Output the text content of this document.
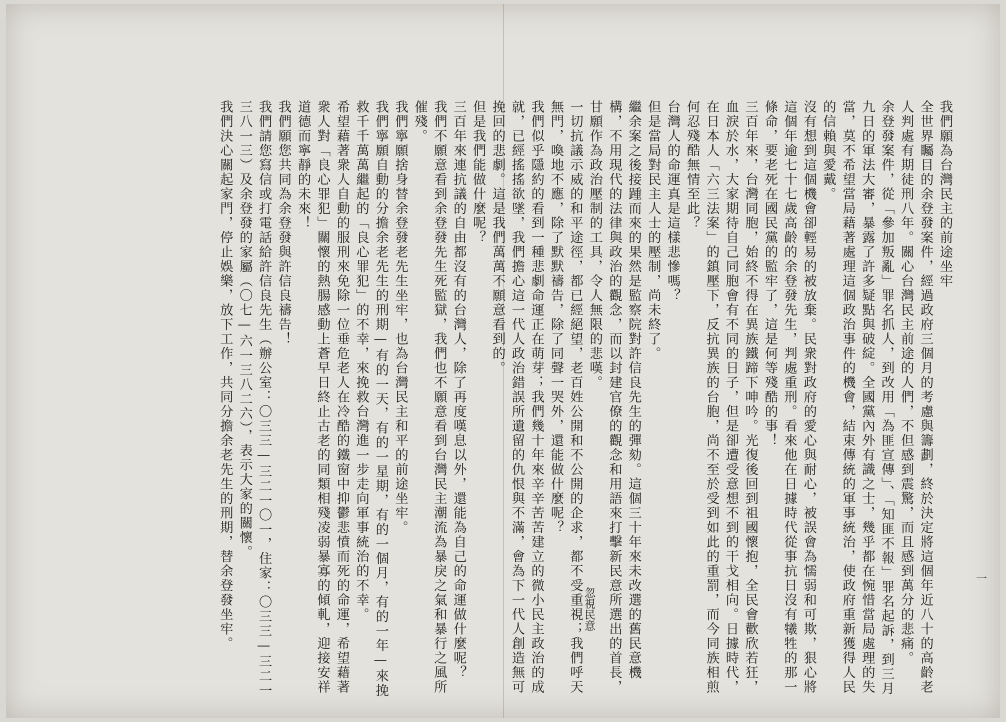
一

我們願為台灣民主的前途坐牢

全世界矚目的余登發案件，經過政府三個月的考慮與籌劃，終於決定將這個年近八十的高齡老人判處有期徒刑八年。關心台灣民主前途的人們，不但感到震驚，而且感到萬分的悲痛。

余登發案件，從「參加叛亂」罪名抓人，到改用「為匪宣傳」、「知匪不報」罪名起訴，到三月九日的軍法大審，暴露了許多疑點與破綻。全國黨內外有識之士，幾乎都在惋惜當局處理的失當，莫不希望當局藉著處理這個政治事件的機會，結束傳統的軍事統治，使政府重新獲得人民的信賴與愛戴。

沒有想到這個機會卻輕易的被放棄。民衆對政府的愛心與耐心，被誤會為懦弱和可欺，狠心將這個年逾七十七歲高齡的余登發先生，判處重刑。看來他在日據時代從事抗日沒有犧牲的那一條命，要老死在國民黨的監牢了，這是何等殘酷的事！

三百年來，台灣同胞，始終不得在異族鐵蹄下呻吟。光復後回到祖國懷抱，全民會歡欣若狂，血淚於水，大家期待自己同胞會有不同的日子，但是卻遭受意想不到的干戈相向。日據時代，在日本人「六三法案」的鎮壓下，反抗異族的台胞，尚不至於受到如此的重罰，而今同族相煎何忍殘酷無情至此？

台灣人的命運真是這樣悲慘嗎？

但是當局對民主人士的壓制，尚未終了。

繼余案之後接踵而來的果然是監察院對許信良先生的彈劾。這個三十年來未改選的舊民意機構，不用現代的法律與政治的觀念，而以封建官僚的觀念和用語來打擊新民意所選出的首長，甘願作為政治壓制的工具，令人無限的悲嘆。

一切抗議示威的和平途徑，都已經絕望，老百姓公開和不公開的企求，都不受重視；我們呼天無門，喚地不應，除了默默禱告，除了同聲一哭外，還能做什麼呢？

我們似乎隱約的看到一種悲劇命運正在萌芽；我們幾十年來辛辛苦苦建立的微小民主政治的成就，已經搖搖欲墜，我們擔心這一代人政治錯誤所遺留的仇恨與不滿，會為下一代人創造無可挽回的悲劇。這是我們萬萬不願意看到的。

但是我們能做什麼呢？

三百年來連抗議的自由都沒有的台灣人，除了再度嘆息以外，還能為自己的命運做什麼呢？

我們不願意看到余登發先生死監獄，我們也不願意看到台灣民主潮流為暴戾之氣和暴行之風所催殘。

我們寧願捨身替余登發老先生坐牢，也為台灣民主和平的前途坐牢。

我們寧願自動的分擔余老先生的刑期—有的一天，有的一星期，有的一個月，有的一年—來挽救千千萬萬繼起的「良心罪犯」的不幸，來挽救台灣進一步走向軍事統治的不幸。

希望藉著衆人自動的服刑來免除一位垂危老人在冷酷的鐵窗中抑鬱悲憤而死的命運，希望藉著衆人對「良心罪犯」關懷的熱腸感動上蒼早日終止古老的同類相殘凌弱暴寡的傾軋，迎接安祥道德而寧靜的未來！

我們願您共同為余登發與許信良禱告！

我們請您寫信或打電話給許信良先生（辦公室：〇三三—三二一〇一，住家：〇三三—三二一三八一三）及余登發的家屬（〇七—六一三八二六），表示大家的關懷。

我們決心關起家門，停止娛樂，放下工作，共同分擔余老先生的刑期，替余登發坐牢。	忽視民意
